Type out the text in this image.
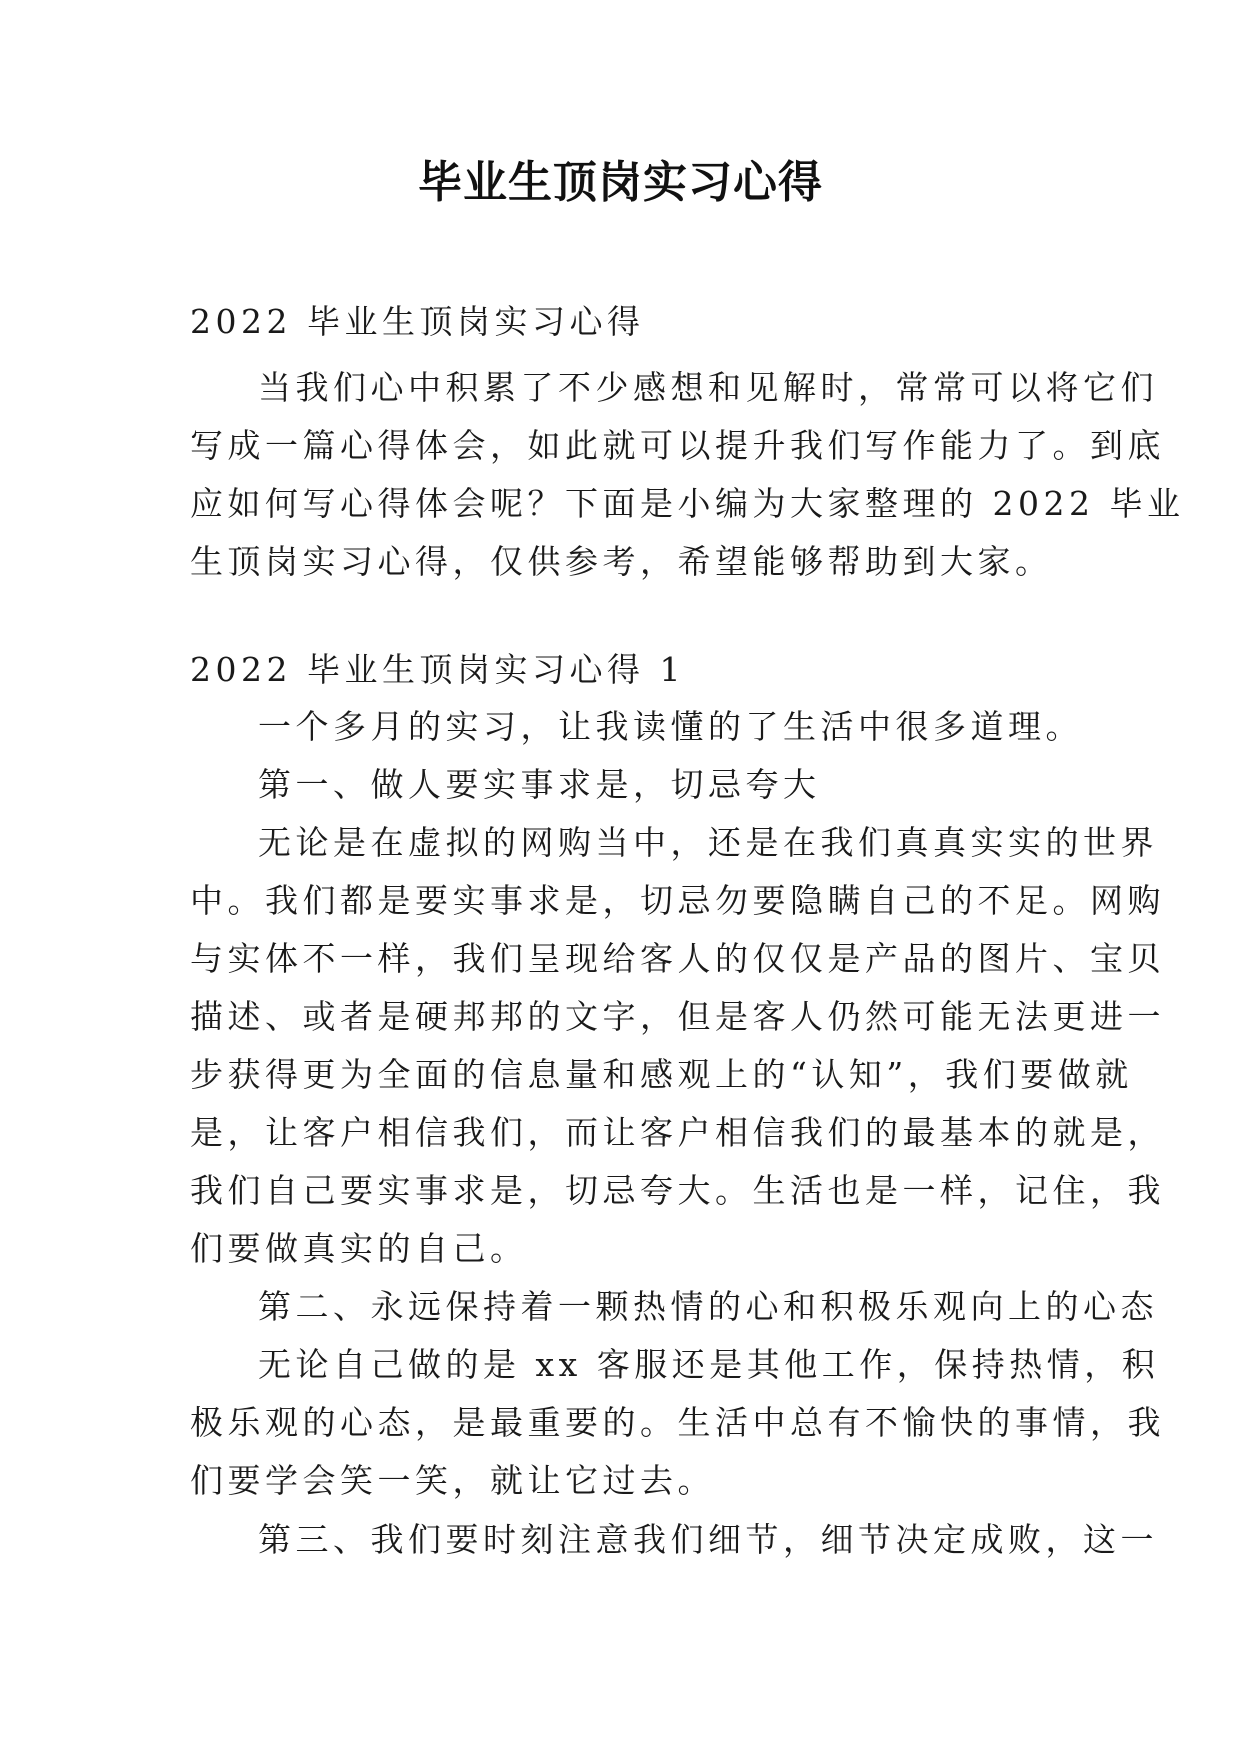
毕业生顶岗实习心得
2022 毕业生顶岗实习心得
当我们心中积累了不少感想和见解时，常常可以将它们
写成一篇心得体会，如此就可以提升我们写作能力了。到底
应如何写心得体会呢？下面是小编为大家整理的 2022 毕业
生顶岗实习心得，仅供参考，希望能够帮助到大家。
2022 毕业生顶岗实习心得 1
一个多月的实习，让我读懂的了生活中很多道理。
第一、做人要实事求是，切忌夸大
无论是在虚拟的网购当中，还是在我们真真实实的世界
中。我们都是要实事求是，切忌勿要隐瞒自己的不足。网购
与实体不一样，我们呈现给客人的仅仅是产品的图片、宝贝
描述、或者是硬邦邦的文字，但是客人仍然可能无法更进一
步获得更为全面的信息量和感观上的“认知”，我们要做就
是，让客户相信我们，而让客户相信我们的最基本的就是，
我们自己要实事求是，切忌夸大。生活也是一样，记住，我
们要做真实的自己。
第二、永远保持着一颗热情的心和积极乐观向上的心态
无论自己做的是 xx 客服还是其他工作，保持热情，积
极乐观的心态，是最重要的。生活中总有不愉快的事情，我
们要学会笑一笑，就让它过去。
第三、我们要时刻注意我们细节，细节决定成败，这一
